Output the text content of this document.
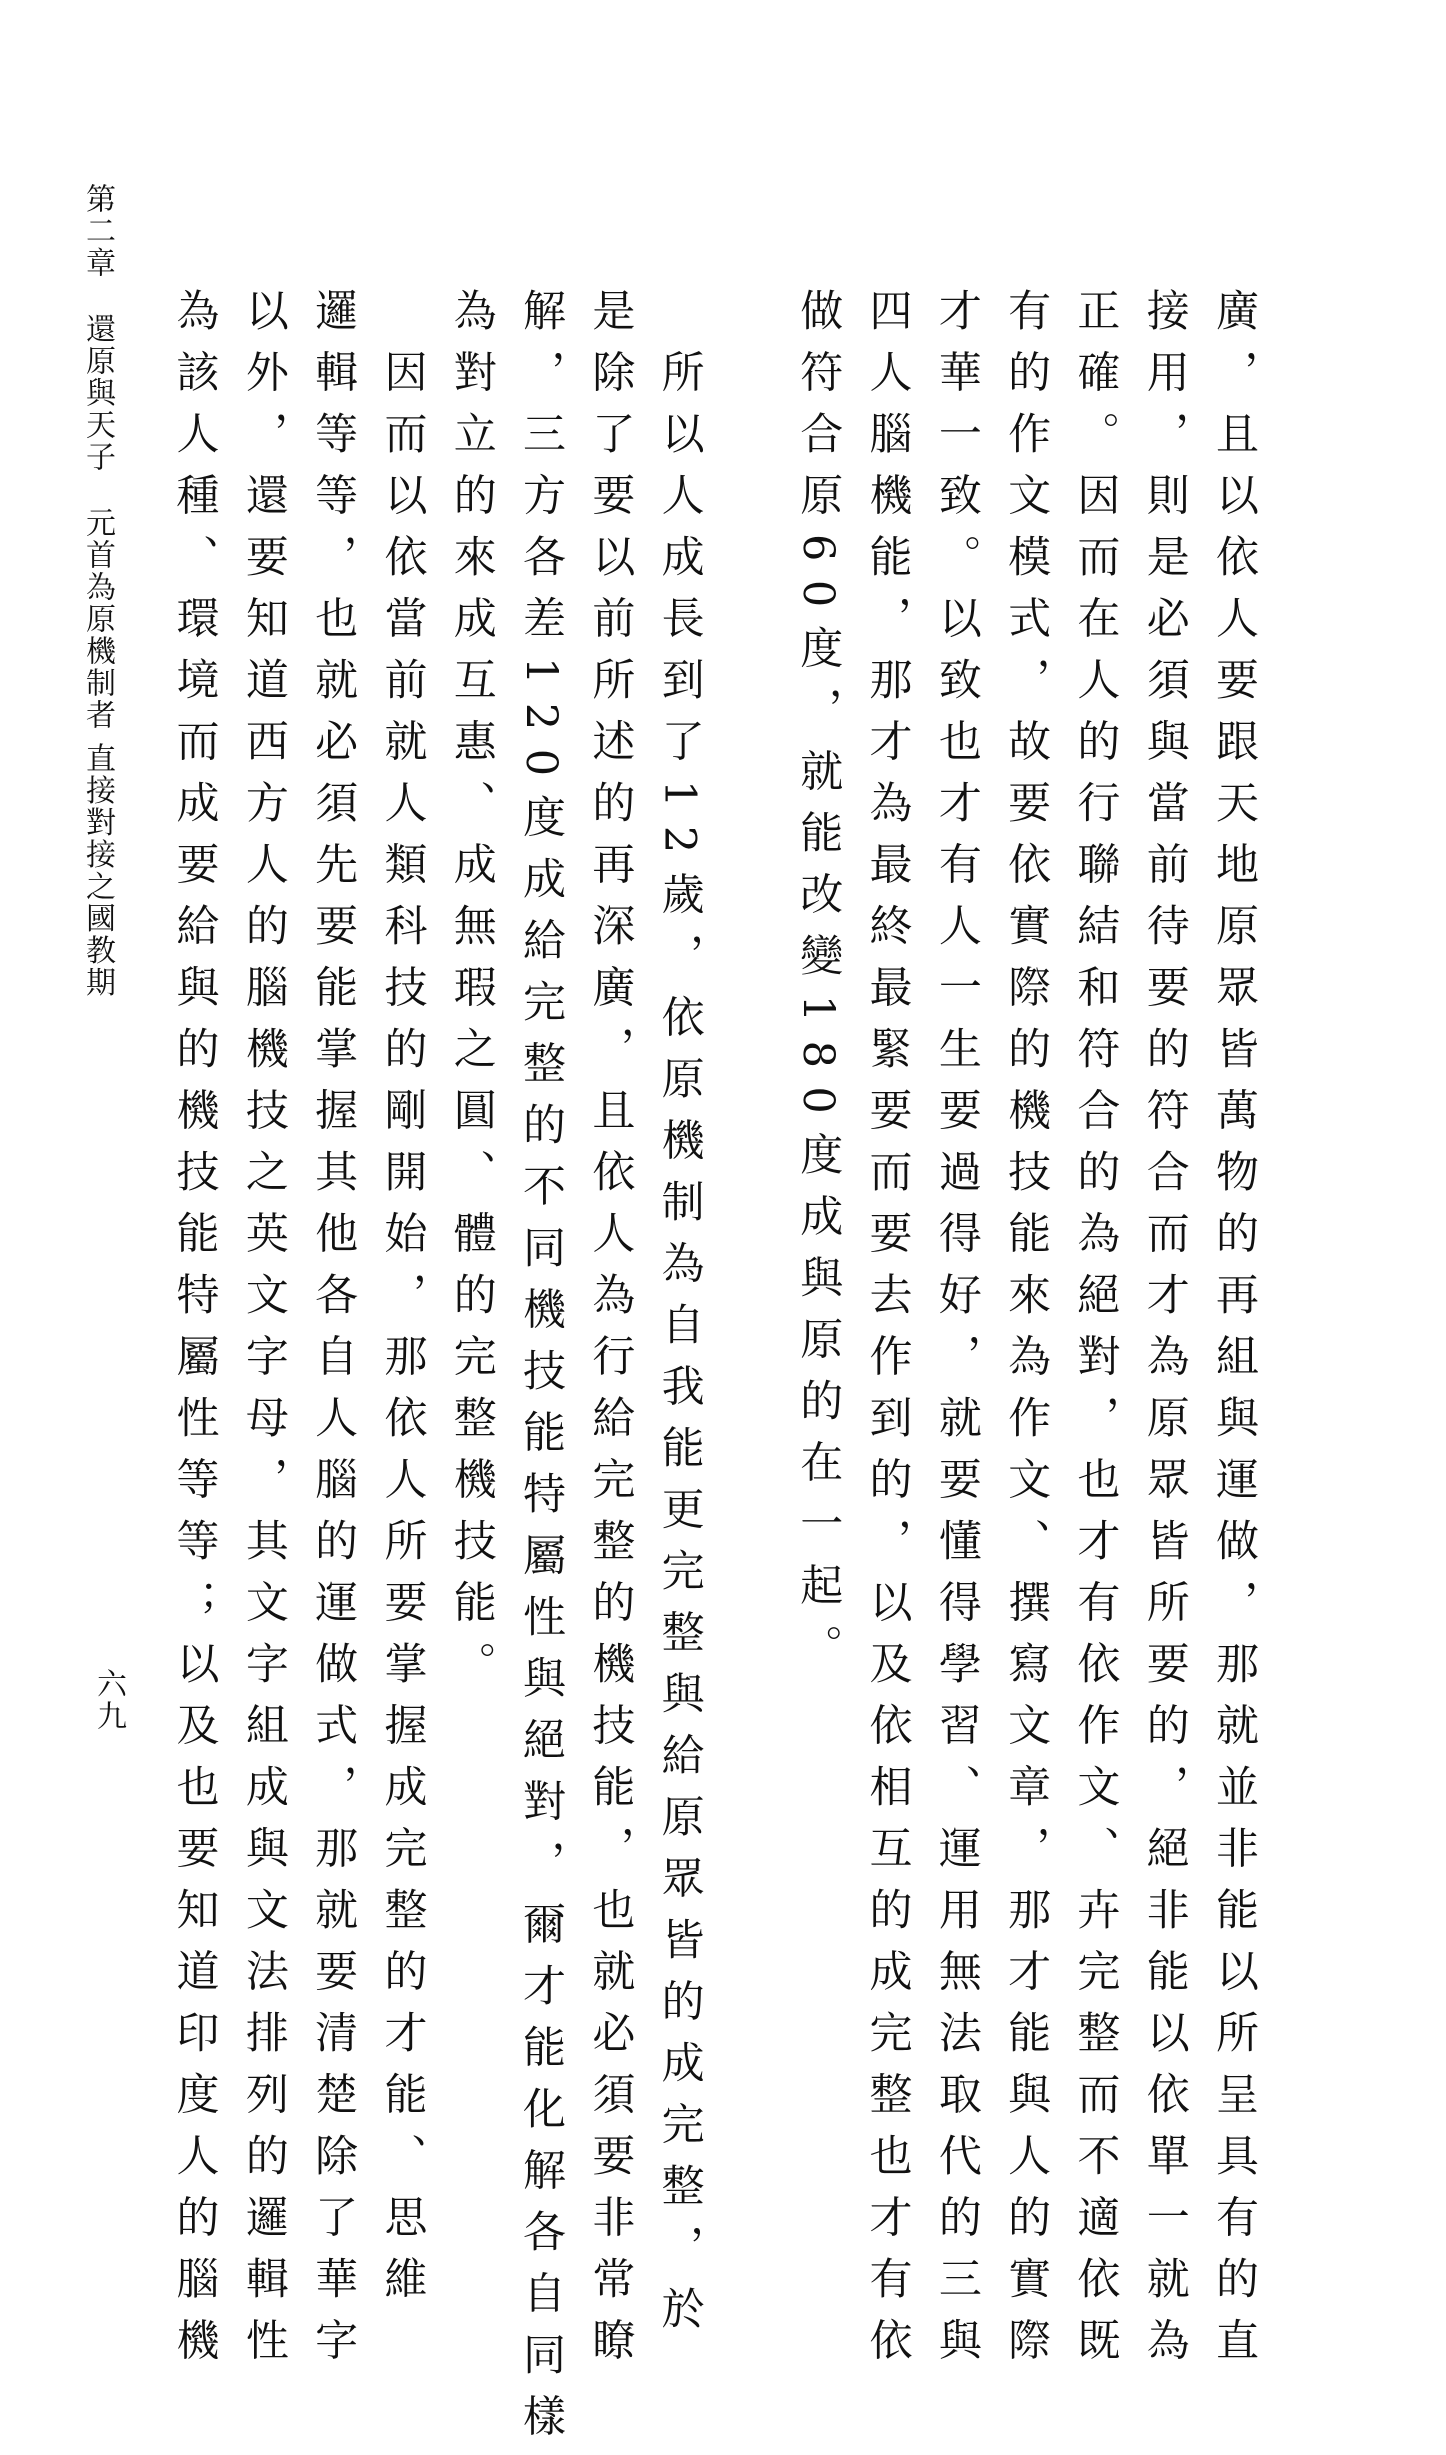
第二章還原與天子元首為原機制者 直接對接之國教期
六九	廣，且以依人要跟天地原眾皆萬物的再組與運做，那就並非能以所呈具有的直
接用，則是必須與當前待要的符合而才為原眾皆所要的，絕非能以依單一就為
正確。因而在人的行聯結和符合的為絕對，也才有依作文、卉完整而不適依既
有的作文模式，故要依實際的機技能來為作文、撰寫文章，那才能與人的實際
才華一致。以致也才有人一生要過得好，就要懂得學習、運用無法取代的三與
四人腦機能，那才為最終最緊要而要去作到的，以及依相互的成完整也才有依
做符合原60度，就能改變180度成與原的在一起。

　所以人成長到了12歲，依原機制為自我能更完整與給原眾皆的成完整，於
是除了要以前所述的再深廣，且依人為行給完整的機技能，也就必須要非常瞭
解，三方各差120度成給完整的不同機技能特屬性與絕對，爾才能化解各自同樣
為對立的來成互惠、成無瑕之圓、體的完整機技能。
　因而以依當前就人類科技的剛開始，那依人所要掌握成完整的才能、思維
邏輯等等，也就必須先要能掌握其他各自人腦的運做式，那就要清楚除了華字
以外，還要知道西方人的腦機技之英文字母，其文字組成與文法排列的邏輯性
為該人種、環境而成要給與的機技能特屬性等等；以及也要知道印度人的腦機
